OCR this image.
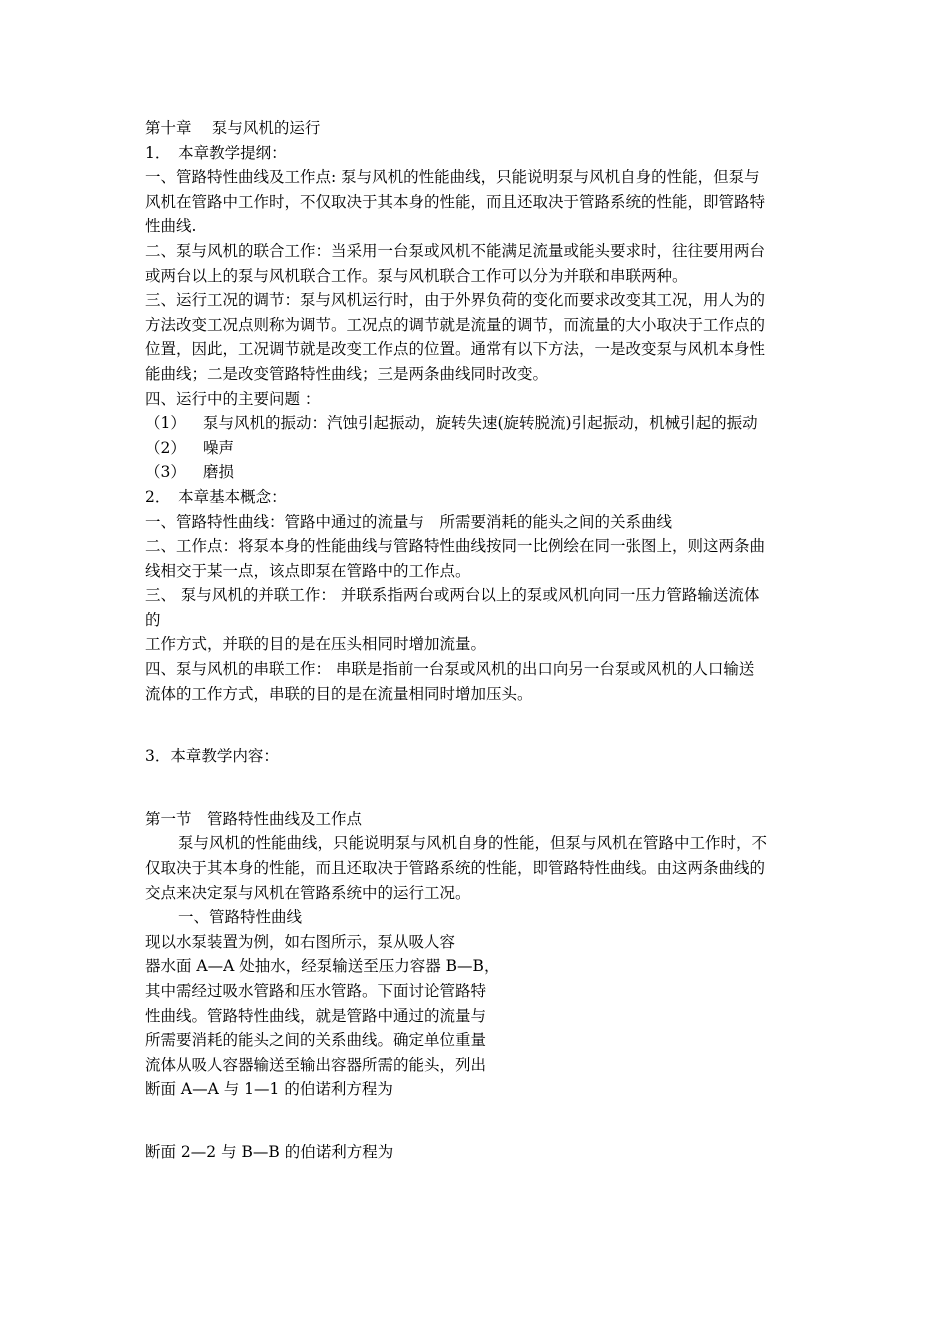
第十章　 泵与风机的运行
1．　本章教学提纲：
一、管路特性曲线及工作点: 泵与风机的性能曲线，只能说明泵与风机自身的性能，但泵与
风机在管路中工作时，不仅取决于其本身的性能，而且还取决于管路系统的性能，即管路特
性曲线.
二、泵与风机的联合工作：当采用一台泵或风机不能满足流量或能头要求时，往往要用两台
或两台以上的泵与风机联合工作。泵与风机联合工作可以分为并联和串联两种。
三、运行工况的调节：泵与风机运行时，由于外界负荷的变化而要求改变其工况，用人为的
方法改变工况点则称为调节。工况点的调节就是流量的调节，而流量的大小取决于工作点的
位置，因此，工况调节就是改变工作点的位置。通常有以下方法，一是改变泵与风机本身性
能曲线；二是改变管路特性曲线；三是两条曲线同时改变。
四、运行中的主要问题 ：
（1） 泵与风机的振动：汽蚀引起振动，旋转失速(旋转脱流)引起振动，机械引起的振动
（2） 噪声
（3） 磨损
2．　本章基本概念：
一、管路特性曲线：管路中通过的流量与　所需要消耗的能头之间的关系曲线
二、工作点：将泵本身的性能曲线与管路特性曲线按同一比例绘在同一张图上，则这两条曲
线相交于某一点，该点即泵在管路中的工作点。
三、 泵与风机的并联工作： 并联系指两台或两台以上的泵或风机向同一压力管路输送流体
的
工作方式，并联的目的是在压头相同时增加流量。
四、泵与风机的串联工作： 串联是指前一台泵或风机的出口向另一台泵或风机的人口输送
流体的工作方式，串联的目的是在流量相同时增加压头。
3．本章教学内容：
第一节　管路特性曲线及工作点
泵与风机的性能曲线，只能说明泵与风机自身的性能，但泵与风机在管路中工作时，不
仅取决于其本身的性能，而且还取决于管路系统的性能，即管路特性曲线。由这两条曲线的
交点来决定泵与风机在管路系统中的运行工况。
一、管路特性曲线
现以水泵装置为例，如右图所示，泵从吸人容
器水面 A—A 处抽水，经泵输送至压力容器 B—B，
其中需经过吸水管路和压水管路。下面讨论管路特
性曲线。管路特性曲线，就是管路中通过的流量与
所需要消耗的能头之间的关系曲线。确定单位重量
流体从吸人容器输送至输出容器所需的能头，列出
断面 A—A 与 1—1 的伯诺利方程为
断面 2—2 与 B—B 的伯诺利方程为
